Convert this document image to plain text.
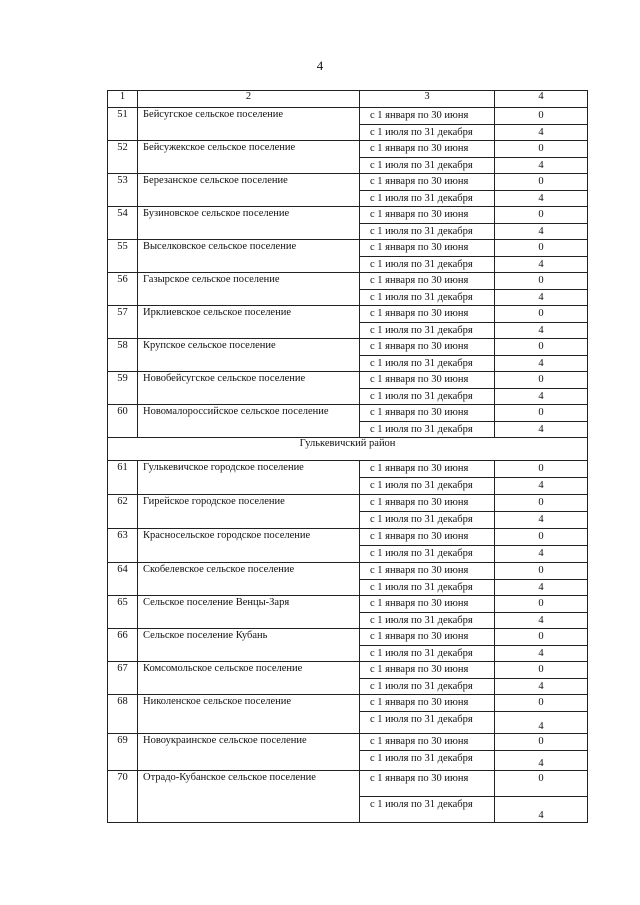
4
1	2	3	4
51	Бейсугское сельское поселение	с 1 января по 30 июня	0
		с 1 июля по 31 декабря	4
52	Бейсужекское сельское поселение	с 1 января по 30 июня	0
		с 1 июля по 31 декабря	4
53	Березанское сельское поселение	с 1 января по 30 июня	0
		с 1 июля по 31 декабря	4
54	Бузиновское сельское поселение	с 1 января по 30 июня	0
		с 1 июля по 31 декабря	4
55	Выселковское сельское поселение	с 1 января по 30 июня	0
		с 1 июля по 31 декабря	4
56	Газырское сельское поселение	с 1 января по 30 июня	0
		с 1 июля по 31 декабря	4
57	Ирклиевское сельское поселение	с 1 января по 30 июня	0
		с 1 июля по 31 декабря	4
58	Крупское сельское поселение	с 1 января по 30 июня	0
		с 1 июля по 31 декабря	4
59	Новобейсугское сельское поселение	с 1 января по 30 июня	0
		с 1 июля по 31 декабря	4
60	Новомалороссийское сельское поселение	с 1 января по 30 июня	0
		с 1 июля по 31 декабря	4
Гулькевичский район			
61	Гулькевичское городское поселение	с 1 января по 30 июня	0
		с 1 июля по 31 декабря	4
62	Гирейское городское поселение	с 1 января по 30 июня	0
		с 1 июля по 31 декабря	4
63	Красносельское городское поселение	с 1 января по 30 июня	0
		с 1 июля по 31 декабря	4
64	Скобелевское сельское поселение	с 1 января по 30 июня	0
		с 1 июля по 31 декабря	4
65	Сельское поселение Венцы-Заря	с 1 января по 30 июня	0
		с 1 июля по 31 декабря	4
66	Сельское поселение Кубань	с 1 января по 30 июня	0
		с 1 июля по 31 декабря	4
67	Комсомольское сельское поселение	с 1 января по 30 июня	0
		с 1 июля по 31 декабря	4
68	Николенское сельское поселение	с 1 января по 30 июня	0
		с 1 июля по 31 декабря	4
69	Новоукраинское сельское поселение	с 1 января по 30 июня	0
		с 1 июля по 31 декабря	4
70	Отрадо-Кубанское сельское поселение	с 1 января по 30 июня	0
		с 1 июля по 31 декабря	4
